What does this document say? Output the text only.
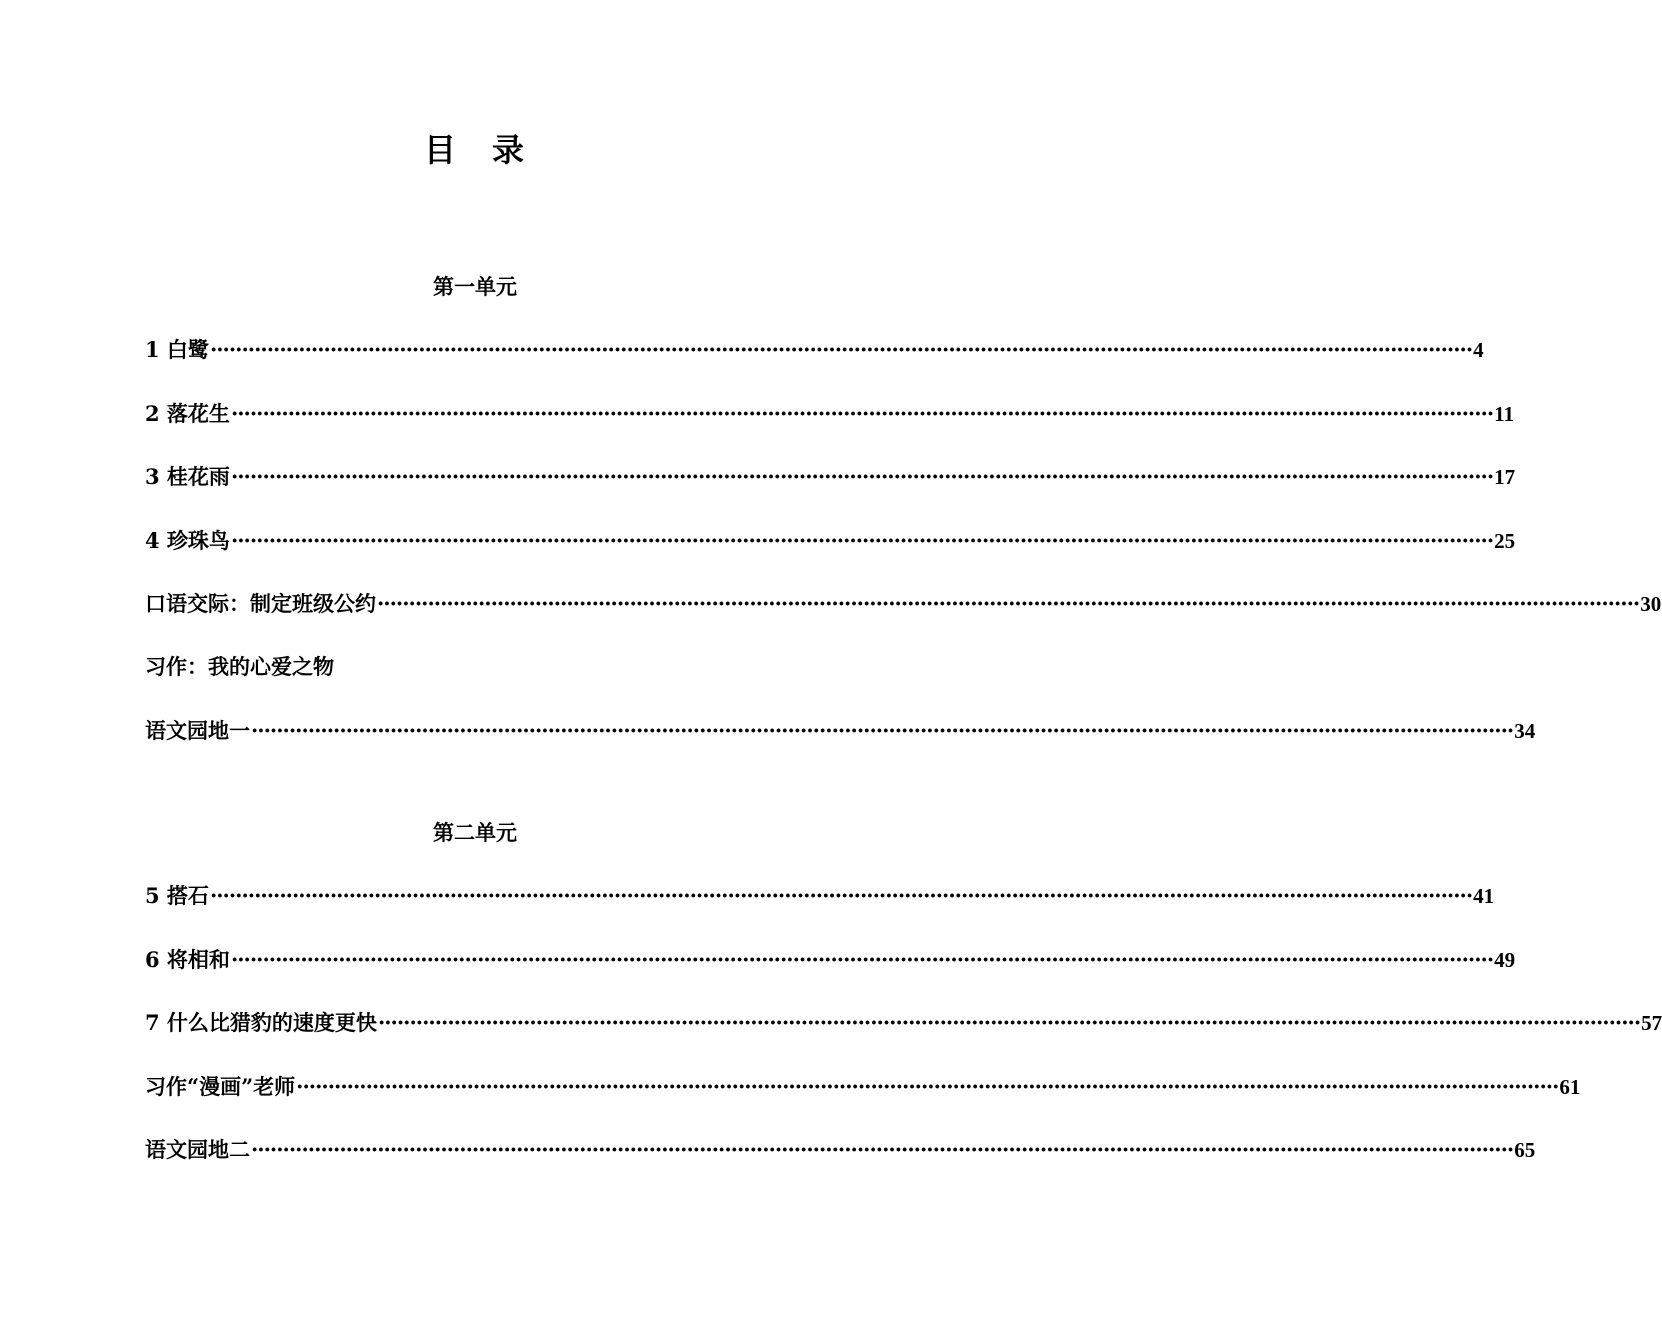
目　录
第一单元
1 白鹭 ········································································································································································································ 4
2 落花生 ········································································································································································································ 11
3 桂花雨 ········································································································································································································ 17
4 珍珠鸟 ········································································································································································································ 25
口语交际：制定班级公约 ········································································································································································································ 30
习作：我的心爱之物
语文园地一 ········································································································································································································ 34
第二单元
5 搭石 ········································································································································································································ 41
6 将相和 ········································································································································································································ 49
7 什么比猎豹的速度更快 ········································································································································································································ 57
习作“漫画”老师 ········································································································································································································ 61
语文园地二 ········································································································································································································ 65
